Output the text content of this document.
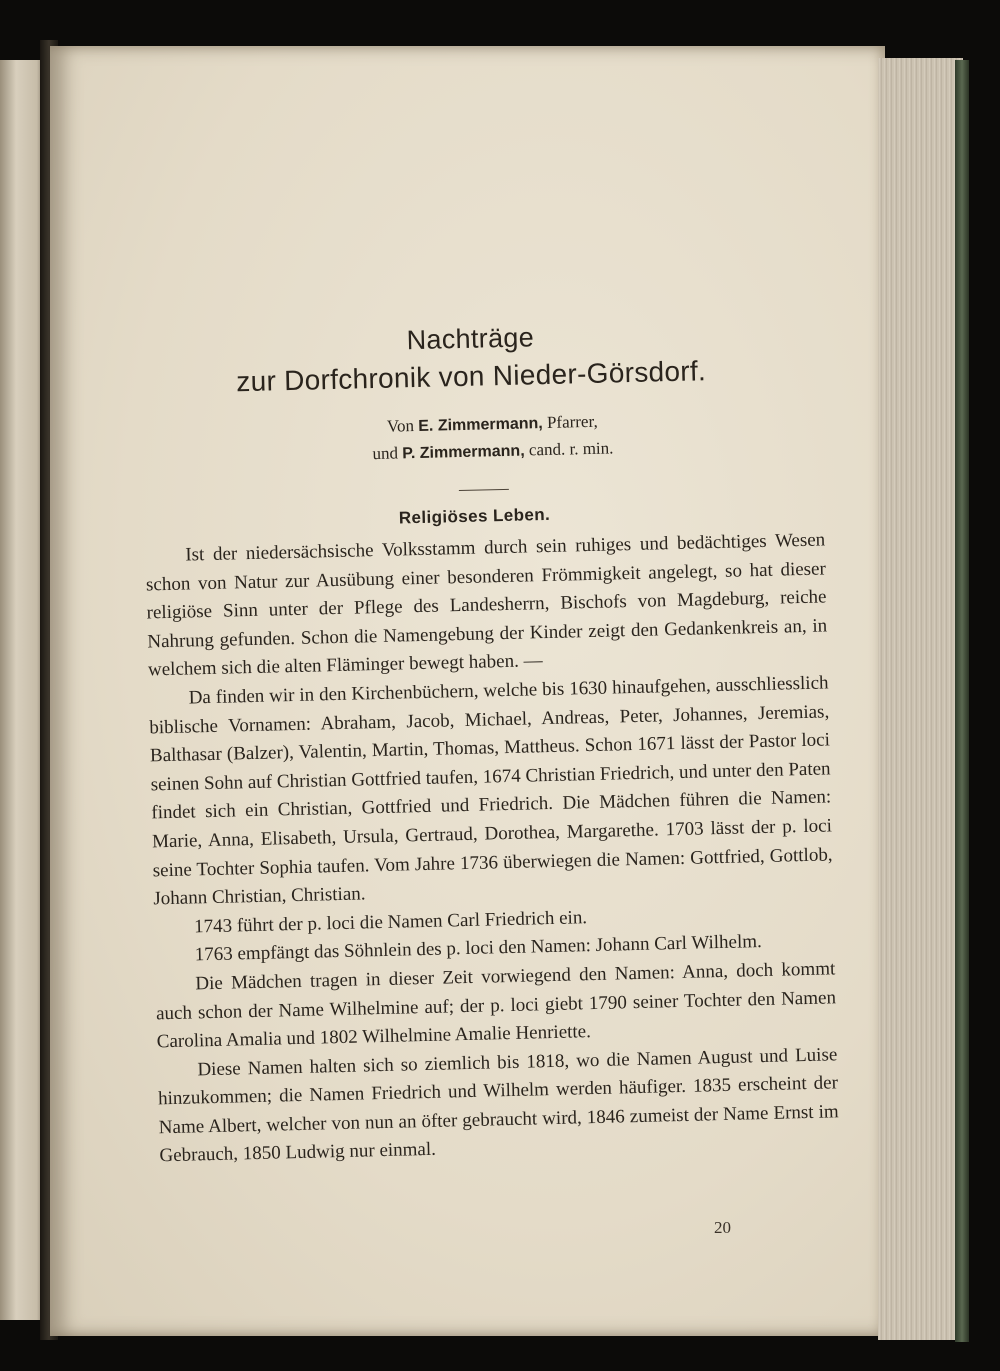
Nachträge
zur Dorfchronik von Nieder-Görsdorf.
Von E. Zimmermann, Pfarrer,
und P. Zimmermann, cand. r. min.
Religiöses Leben.

Ist der niedersächsische Volksstamm durch sein ruhiges und bedächtiges Wesen schon von Natur zur Ausübung einer besonderen Frömmigkeit angelegt, so hat dieser religiöse Sinn unter der Pflege des Landesherrn, Bischofs von Magdeburg, reiche Nahrung gefunden. Schon die Namengebung der Kinder zeigt den Gedankenkreis an, in welchem sich die alten Fläminger bewegt haben. —

Da finden wir in den Kirchenbüchern, welche bis 1630 hinaufgehen, ausschliesslich biblische Vornamen: Abraham, Jacob, Michael, Andreas, Peter, Johannes, Jeremias, Balthasar (Balzer), Valentin, Martin, Thomas, Mattheus. Schon 1671 lässt der Pastor loci seinen Sohn auf Christian Gottfried taufen, 1674 Christian Friedrich, und unter den Paten findet sich ein Christian, Gottfried und Friedrich. Die Mädchen führen die Namen: Marie, Anna, Elisabeth, Ursula, Gertraud, Dorothea, Margarethe. 1703 lässt der p. loci seine Tochter Sophia taufen. Vom Jahre 1736 überwiegen die Namen: Gottfried, Gottlob, Johann Christian, Christian.

1743 führt der p. loci die Namen Carl Friedrich ein.

1763 empfängt das Söhnlein des p. loci den Namen: Johann Carl Wilhelm.

Die Mädchen tragen in dieser Zeit vorwiegend den Namen: Anna, doch kommt auch schon der Name Wilhelmine auf; der p. loci giebt 1790 seiner Tochter den Namen Carolina Amalia und 1802 Wilhelmine Amalie Henriette.

Diese Namen halten sich so ziemlich bis 1818, wo die Namen August und Luise hinzukommen; die Namen Friedrich und Wilhelm werden häufiger. 1835 erscheint der Name Albert, welcher von nun an öfter gebraucht wird, 1846 zumeist der Name Ernst im Gebrauch, 1850 Ludwig nur einmal.

20
